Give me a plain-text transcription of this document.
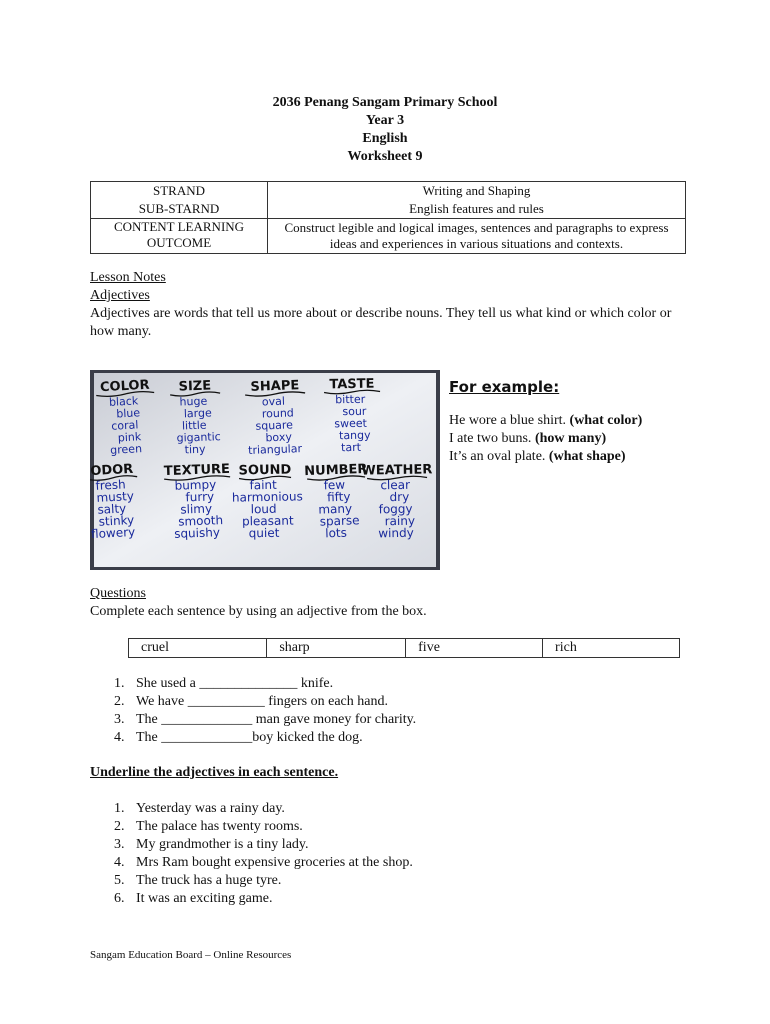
2036 Penang Sangam Primary School
Year 3
English
Worksheet 9
STRAND	Writing and Shaping
SUB-STARND	English features and rules
CONTENT LEARNING OUTCOME	Construct legible and logical images, sentences and paragraphs to express ideas and experiences in various situations and contexts.
Lesson Notes
Adjectives
Adjectives are words that tell us more about or describe nouns. They tell us what kind or which color or how many.
COLOR
black
blue
coral
pink
green
SIZE
huge
large
little
gigantic
tiny
SHAPE
oval
round
square
boxy
triangular
TASTE
bitter
sour
sweet
tangy
tart
ODOR
fresh
musty
salty
stinky
flowery
TEXTURE
bumpy
furry
slimy
smooth
squishy
SOUND
faint
harmonious
loud
pleasant
quiet
NUMBER
few
fifty
many
sparse
lots
WEATHER
clear
dry
foggy
rainy
windy
For example:
He wore a blue shirt. (what color)
I ate two buns. (how many)
It’s an oval plate. (what shape)
Questions
Complete each sentence by using an adjective from the box.
cruel	sharp	five	rich
1. She used a ______________ knife.
2. We have ___________ fingers on each hand.
3. The _____________ man gave money for charity.
4. The _____________boy kicked the dog.
Underline the adjectives in each sentence.
1. Yesterday was a rainy day.
2. The palace has twenty rooms.
3. My grandmother is a tiny lady.
4. Mrs Ram bought expensive groceries at the shop.
5. The truck has a huge tyre.
6. It was an exciting game.
Sangam Education Board – Online Resources
